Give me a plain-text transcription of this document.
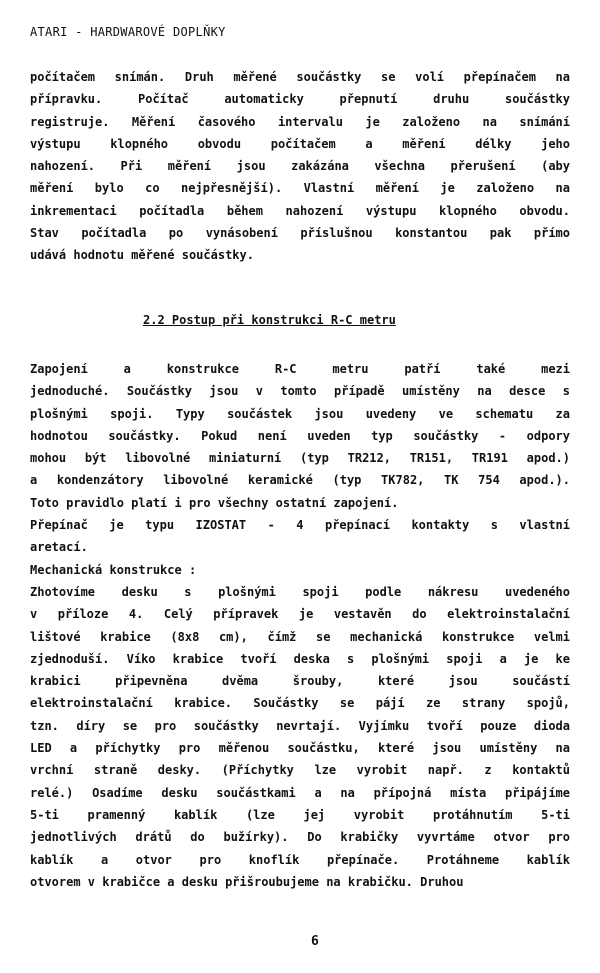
ATARI - HARDWAROVÉ DOPLŇKY
počítačem snímán. Druh měřené součástky se volí přepínačem na
přípravku. Počítač automaticky přepnutí druhu součástky
registruje. Měření časového intervalu je založeno na snímání
výstupu klopného obvodu počítačem a měření délky jeho
nahození. Při měření jsou zakázána všechna přerušení (aby
měření bylo co nejpřesnější). Vlastní měření je založeno na
inkrementaci počítadla během nahození výstupu klopného obvodu.
Stav počítadla po vynásobení příslušnou konstantou pak přímo
udává hodnotu měřené součástky.
2.2 Postup při konstrukci R-C metru
Zapojení a konstrukce R-C metru patří také mezi
jednoduché. Součástky jsou v tomto případě umístěny na desce s
plošnými spoji. Typy součástek jsou uvedeny ve schematu za
hodnotou součástky. Pokud není uveden typ součástky - odpory
mohou být libovolné miniaturní (typ TR212, TR151, TR191 apod.)
a kondenzátory libovolné keramické (typ TK782, TK 754 apod.).
Toto pravidlo platí i pro všechny ostatní zapojení.
Přepínač je typu IZOSTAT - 4 přepínací kontakty s vlastní
aretací.
Mechanická konstrukce :
Zhotovíme desku s plošnými spoji podle nákresu uvedeného
v příloze 4. Celý přípravek je vestavěn do elektroinstalační
lištové krabice (8x8 cm), čímž se mechanická konstrukce velmi
zjednoduší. Víko krabice tvoří deska s plošnými spoji a je ke
krabici připevněna dvěma šrouby, které jsou součástí
elektroinstalační krabice. Součástky se pájí ze strany spojů,
tzn. díry se pro součástky nevrtají. Vyjímku tvoří pouze dioda
LED a příchytky pro měřenou součástku, které jsou umístěny na
vrchní straně desky. (Příchytky lze vyrobit např. z kontaktů
relé.) Osadíme desku součástkami a na přípojná místa připájíme
5-ti pramenný kablík (lze jej vyrobit protáhnutím 5-ti
jednotlivých drátů do bužírky). Do krabičky vyvrtáme otvor pro
kablík a otvor pro knoflík přepínače. Protáhneme kablík
otvorem v krabičce a desku přišroubujeme na krabičku. Druhou
6
